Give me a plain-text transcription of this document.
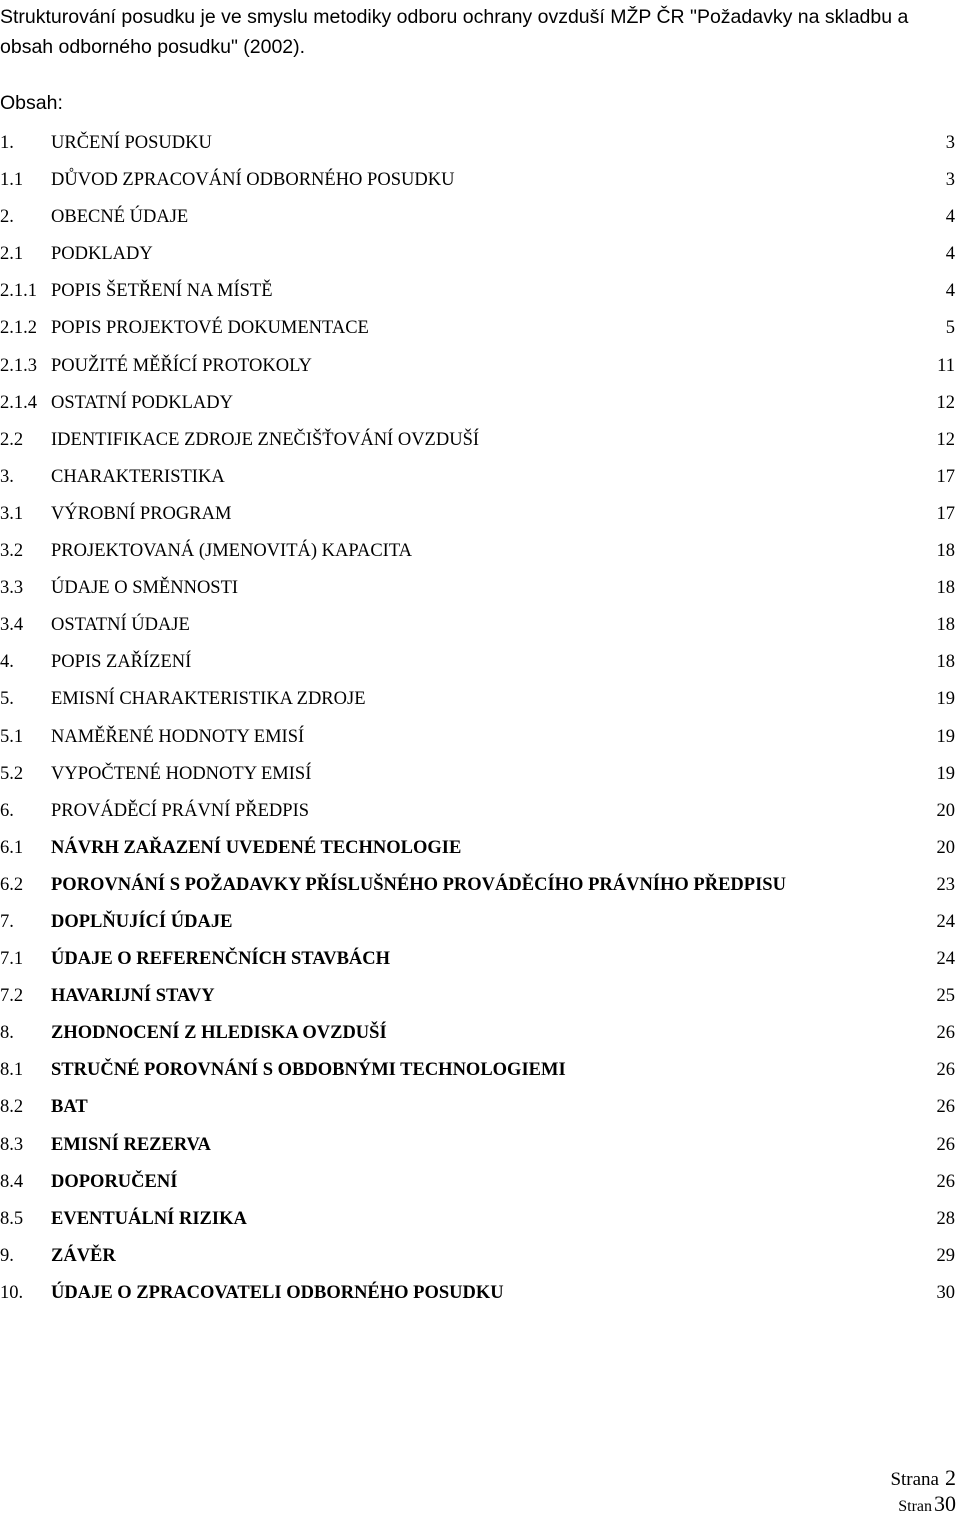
Strukturování posudku je ve smyslu metodiky odboru ochrany ovzduší MŽP ČR "Požadavky na skladbu a obsah odborného posudku" (2002).

Obsah:

1. URČENÍ POSUDKU	3
1.1 DŮVOD ZPRACOVÁNÍ ODBORNÉHO POSUDKU	3
2. OBECNÉ ÚDAJE	4
2.1 PODKLADY	4
2.1.1 POPIS ŠETŘENÍ NA MÍSTĚ	4
2.1.2 POPIS PROJEKTOVÉ DOKUMENTACE	5
2.1.3 POUŽITÉ MĚŘÍCÍ PROTOKOLY	11
2.1.4 OSTATNÍ PODKLADY	12
2.2 IDENTIFIKACE ZDROJE ZNEČIŠŤOVÁNÍ OVZDUŠÍ	12
3. CHARAKTERISTIKA	17
3.1 VÝROBNÍ PROGRAM	17
3.2 PROJEKTOVANÁ (JMENOVITÁ) KAPACITA	18
3.3 ÚDAJE O SMĚNNOSTI	18
3.4 OSTATNÍ ÚDAJE	18
4. POPIS ZAŘÍZENÍ	18
5. EMISNÍ CHARAKTERISTIKA ZDROJE	19
5.1 NAMĚŘENÉ HODNOTY EMISÍ	19
5.2 VYPOČTENÉ HODNOTY EMISÍ	19
6. PROVÁDĚCÍ PRÁVNÍ PŘEDPIS	20
6.1 NÁVRH ZAŘAZENÍ UVEDENÉ TECHNOLOGIE	20
6.2 POROVNÁNÍ S POŽADAVKY PŘÍSLUŠNÉHO PROVÁDĚCÍHO PRÁVNÍHO PŘEDPISU	23
7. DOPLŇUJÍCÍ ÚDAJE	24
7.1 ÚDAJE O REFERENČNÍCH STAVBÁCH	24
7.2 HAVARIJNÍ STAVY	25
8. ZHODNOCENÍ Z HLEDISKA OVZDUŠÍ	26
8.1 STRUČNÉ POROVNÁNÍ S OBDOBNÝMI TECHNOLOGIEMI	26
8.2 BAT	26
8.3 EMISNÍ REZERVA	26
8.4 DOPORUČENÍ	26
8.5 EVENTUÁLNÍ RIZIKA	28
9. ZÁVĚR	29
10. ÚDAJE O ZPRACOVATELI ODBORNÉHO POSUDKU	30
Strana 2
Stran30
